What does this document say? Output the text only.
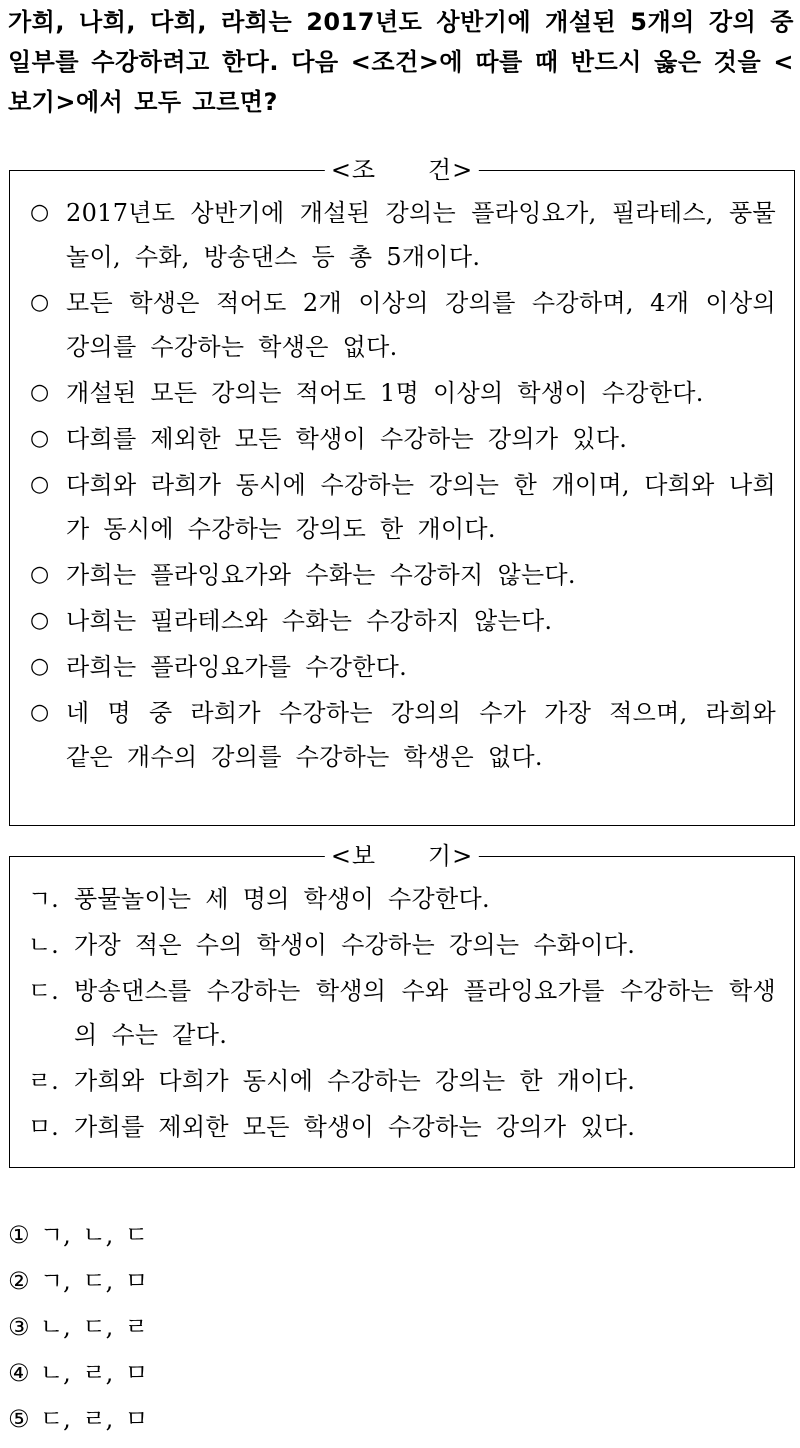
가희, 나희, 다희, 라희는 2017년도 상반기에 개설된 5개의 강의 중 일부를 수강하려고 한다. 다음 <조건>에 따를 때 반드시 옳은 것을 <보기>에서 모두 고르면?
<조      건>
○ 2017년도 상반기에 개설된 강의는 플라잉요가, 필라테스, 풍물놀이, 수화, 방송댄스 등 총 5개이다.
○ 모든 학생은 적어도 2개 이상의 강의를 수강하며, 4개 이상의 강의를 수강하는 학생은 없다.
○ 개설된 모든 강의는 적어도 1명 이상의 학생이 수강한다.
○ 다희를 제외한 모든 학생이 수강하는 강의가 있다.
○ 다희와 라희가 동시에 수강하는 강의는 한 개이며, 다희와 나희가 동시에 수강하는 강의도 한 개이다.
○ 가희는 플라잉요가와 수화는 수강하지 않는다.
○ 나희는 필라테스와 수화는 수강하지 않는다.
○ 라희는 플라잉요가를 수강한다.
○ 네 명 중 라희가 수강하는 강의의 수가 가장 적으며, 라희와 같은 개수의 강의를 수강하는 학생은 없다.
<보      기>
ㄱ. 풍물놀이는 세 명의 학생이 수강한다.
ㄴ. 가장 적은 수의 학생이 수강하는 강의는 수화이다.
ㄷ. 방송댄스를 수강하는 학생의 수와 플라잉요가를 수강하는 학생의 수는 같다.
ㄹ. 가희와 다희가 동시에 수강하는 강의는 한 개이다.
ㅁ. 가희를 제외한 모든 학생이 수강하는 강의가 있다.
① ㄱ, ㄴ, ㄷ
② ㄱ, ㄷ, ㅁ
③ ㄴ, ㄷ, ㄹ
④ ㄴ, ㄹ, ㅁ
⑤ ㄷ, ㄹ, ㅁ
